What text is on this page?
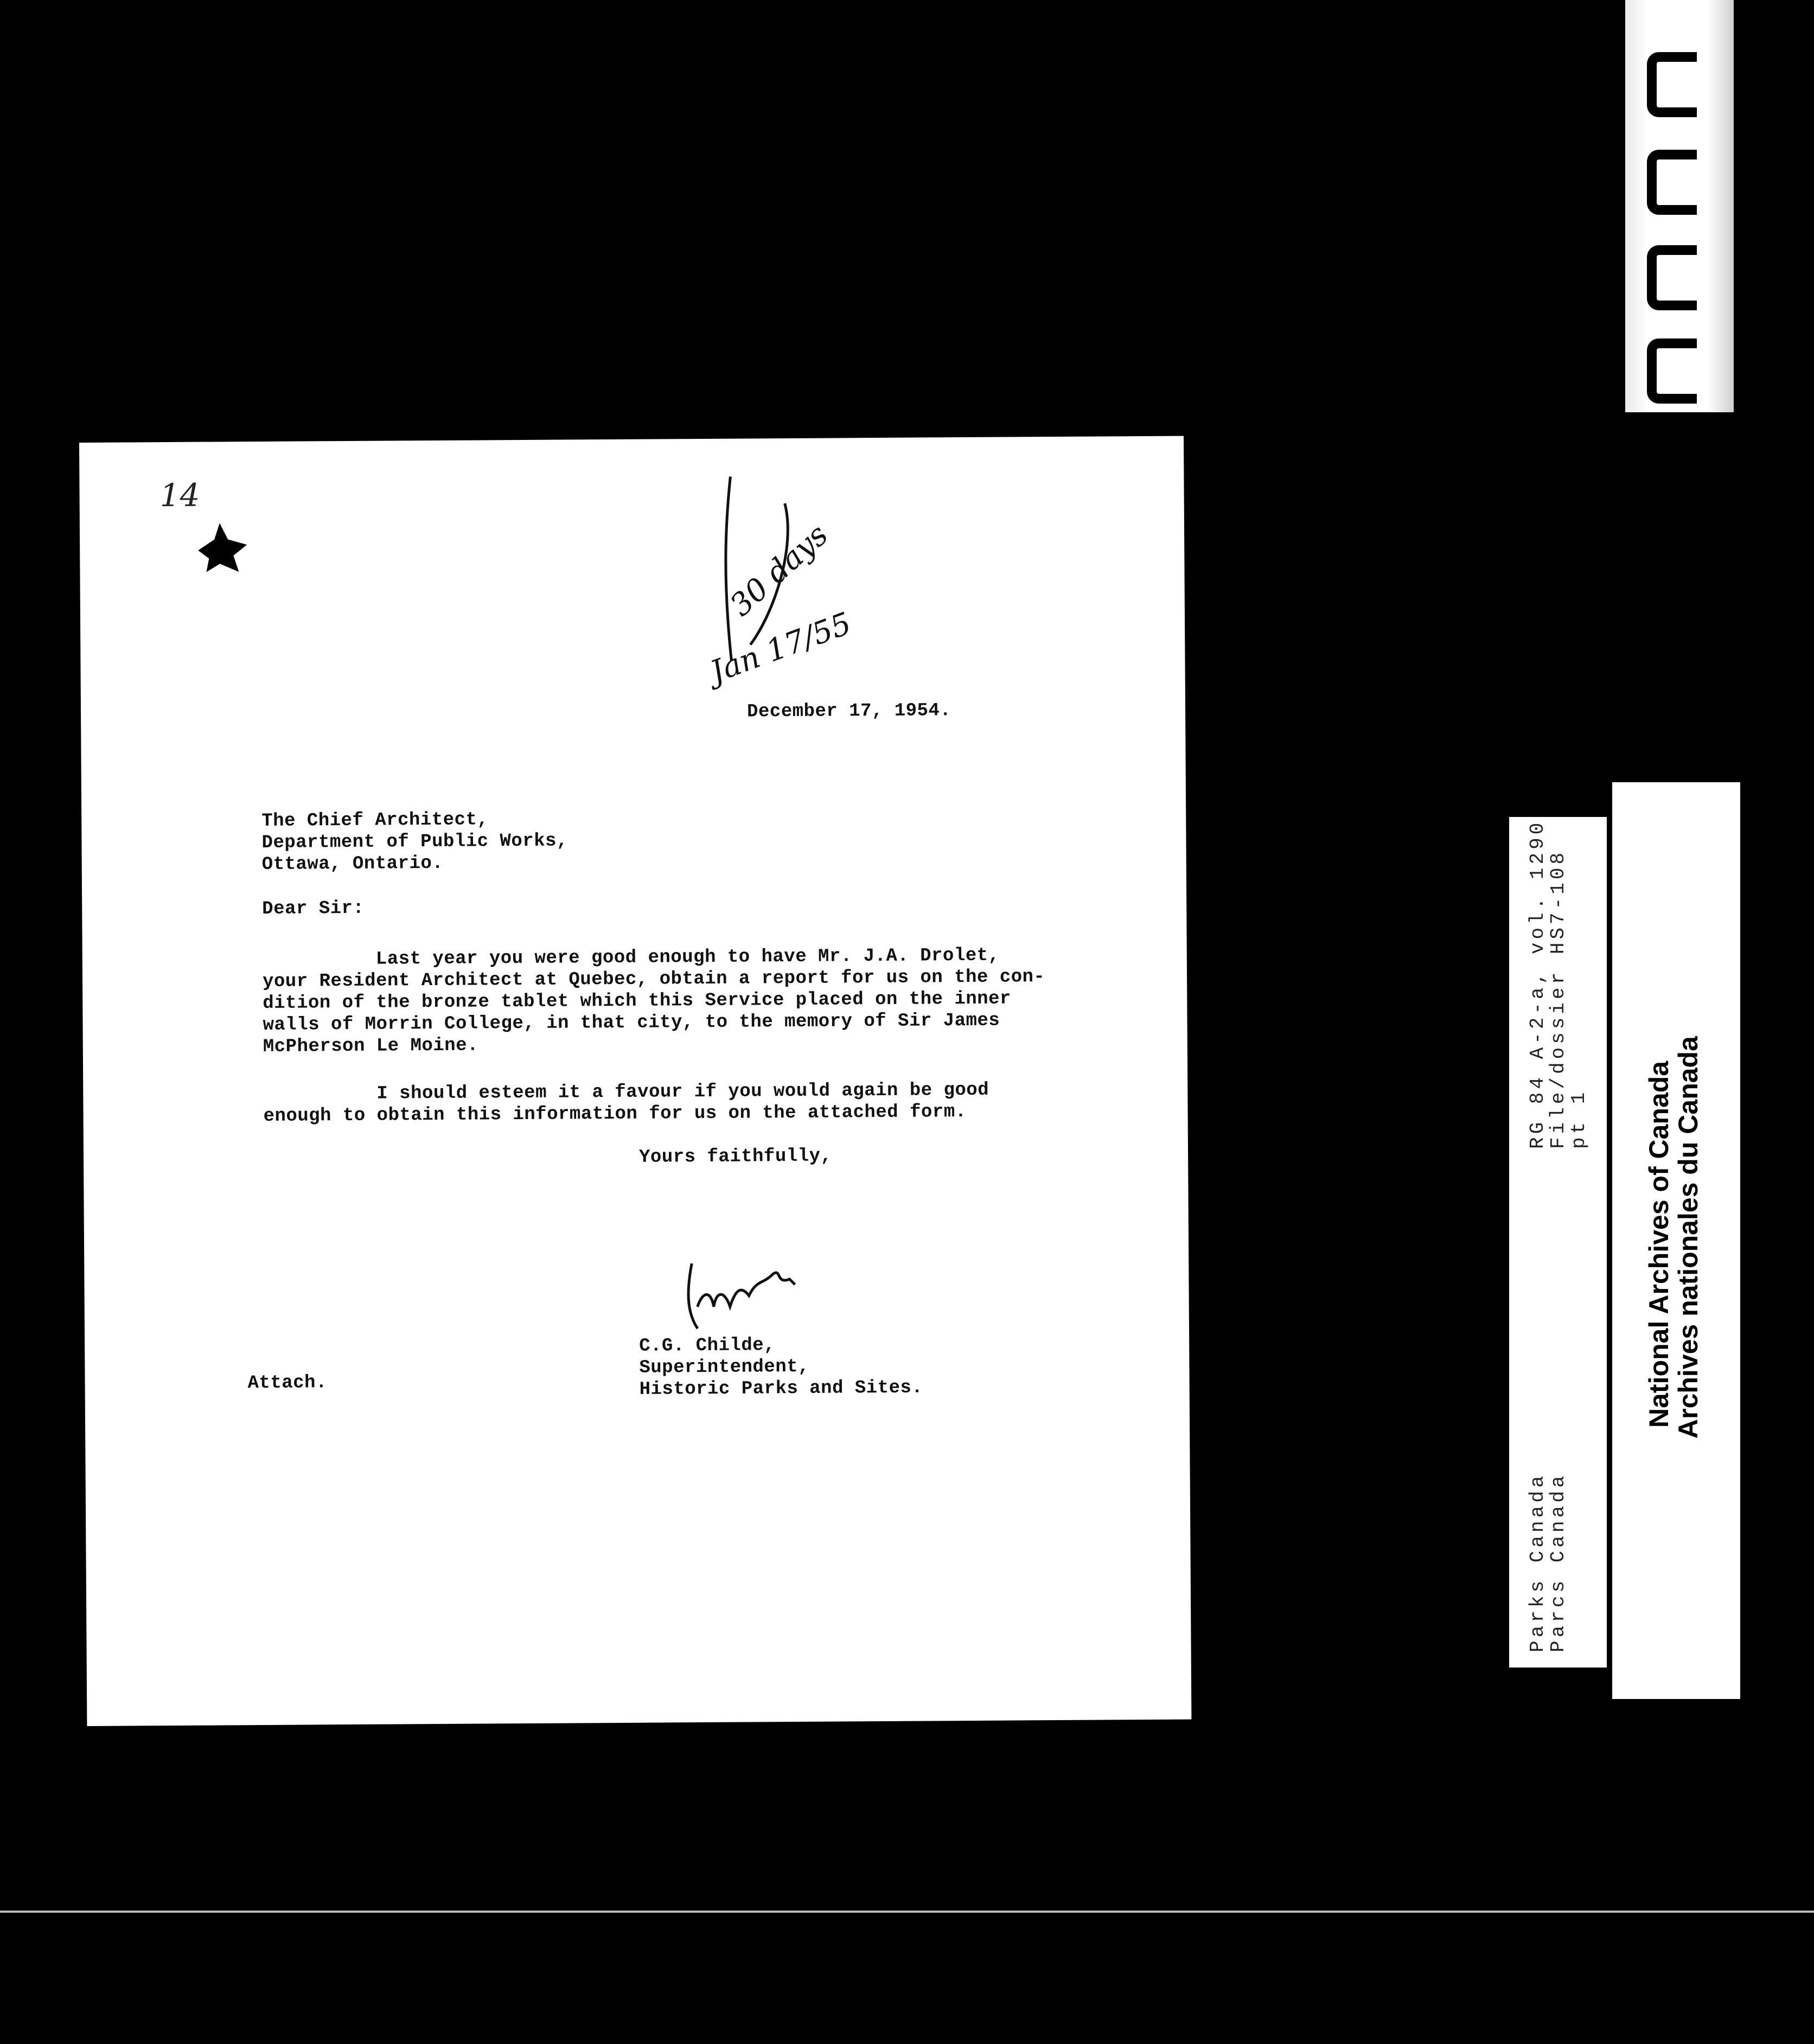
14
Jan 17/55
30 days
December 17, 1954.
The Chief Architect,
Department of Public Works,
Ottawa, Ontario.
Dear Sir:
Last year you were good enough to have Mr. J.A. Drolet,
your Resident Architect at Quebec, obtain a report for us on the con-
dition of the bronze tablet which this Service placed on the inner
walls of Morrin College, in that city, to the memory of Sir James
McPherson Le Moine.
I should esteem it a favour if you would again be good
enough to obtain this information for us on the attached form.
Yours faithfully,
C.G. Childe,
Superintendent,
Historic Parks and Sites.
Attach.
RG 84 A-2-a, vol. 1290
File/dossier HS7-108
pt 1
Parks Canada
Parcs Canada
National Archives of Canada
Archives nationales du Canada
